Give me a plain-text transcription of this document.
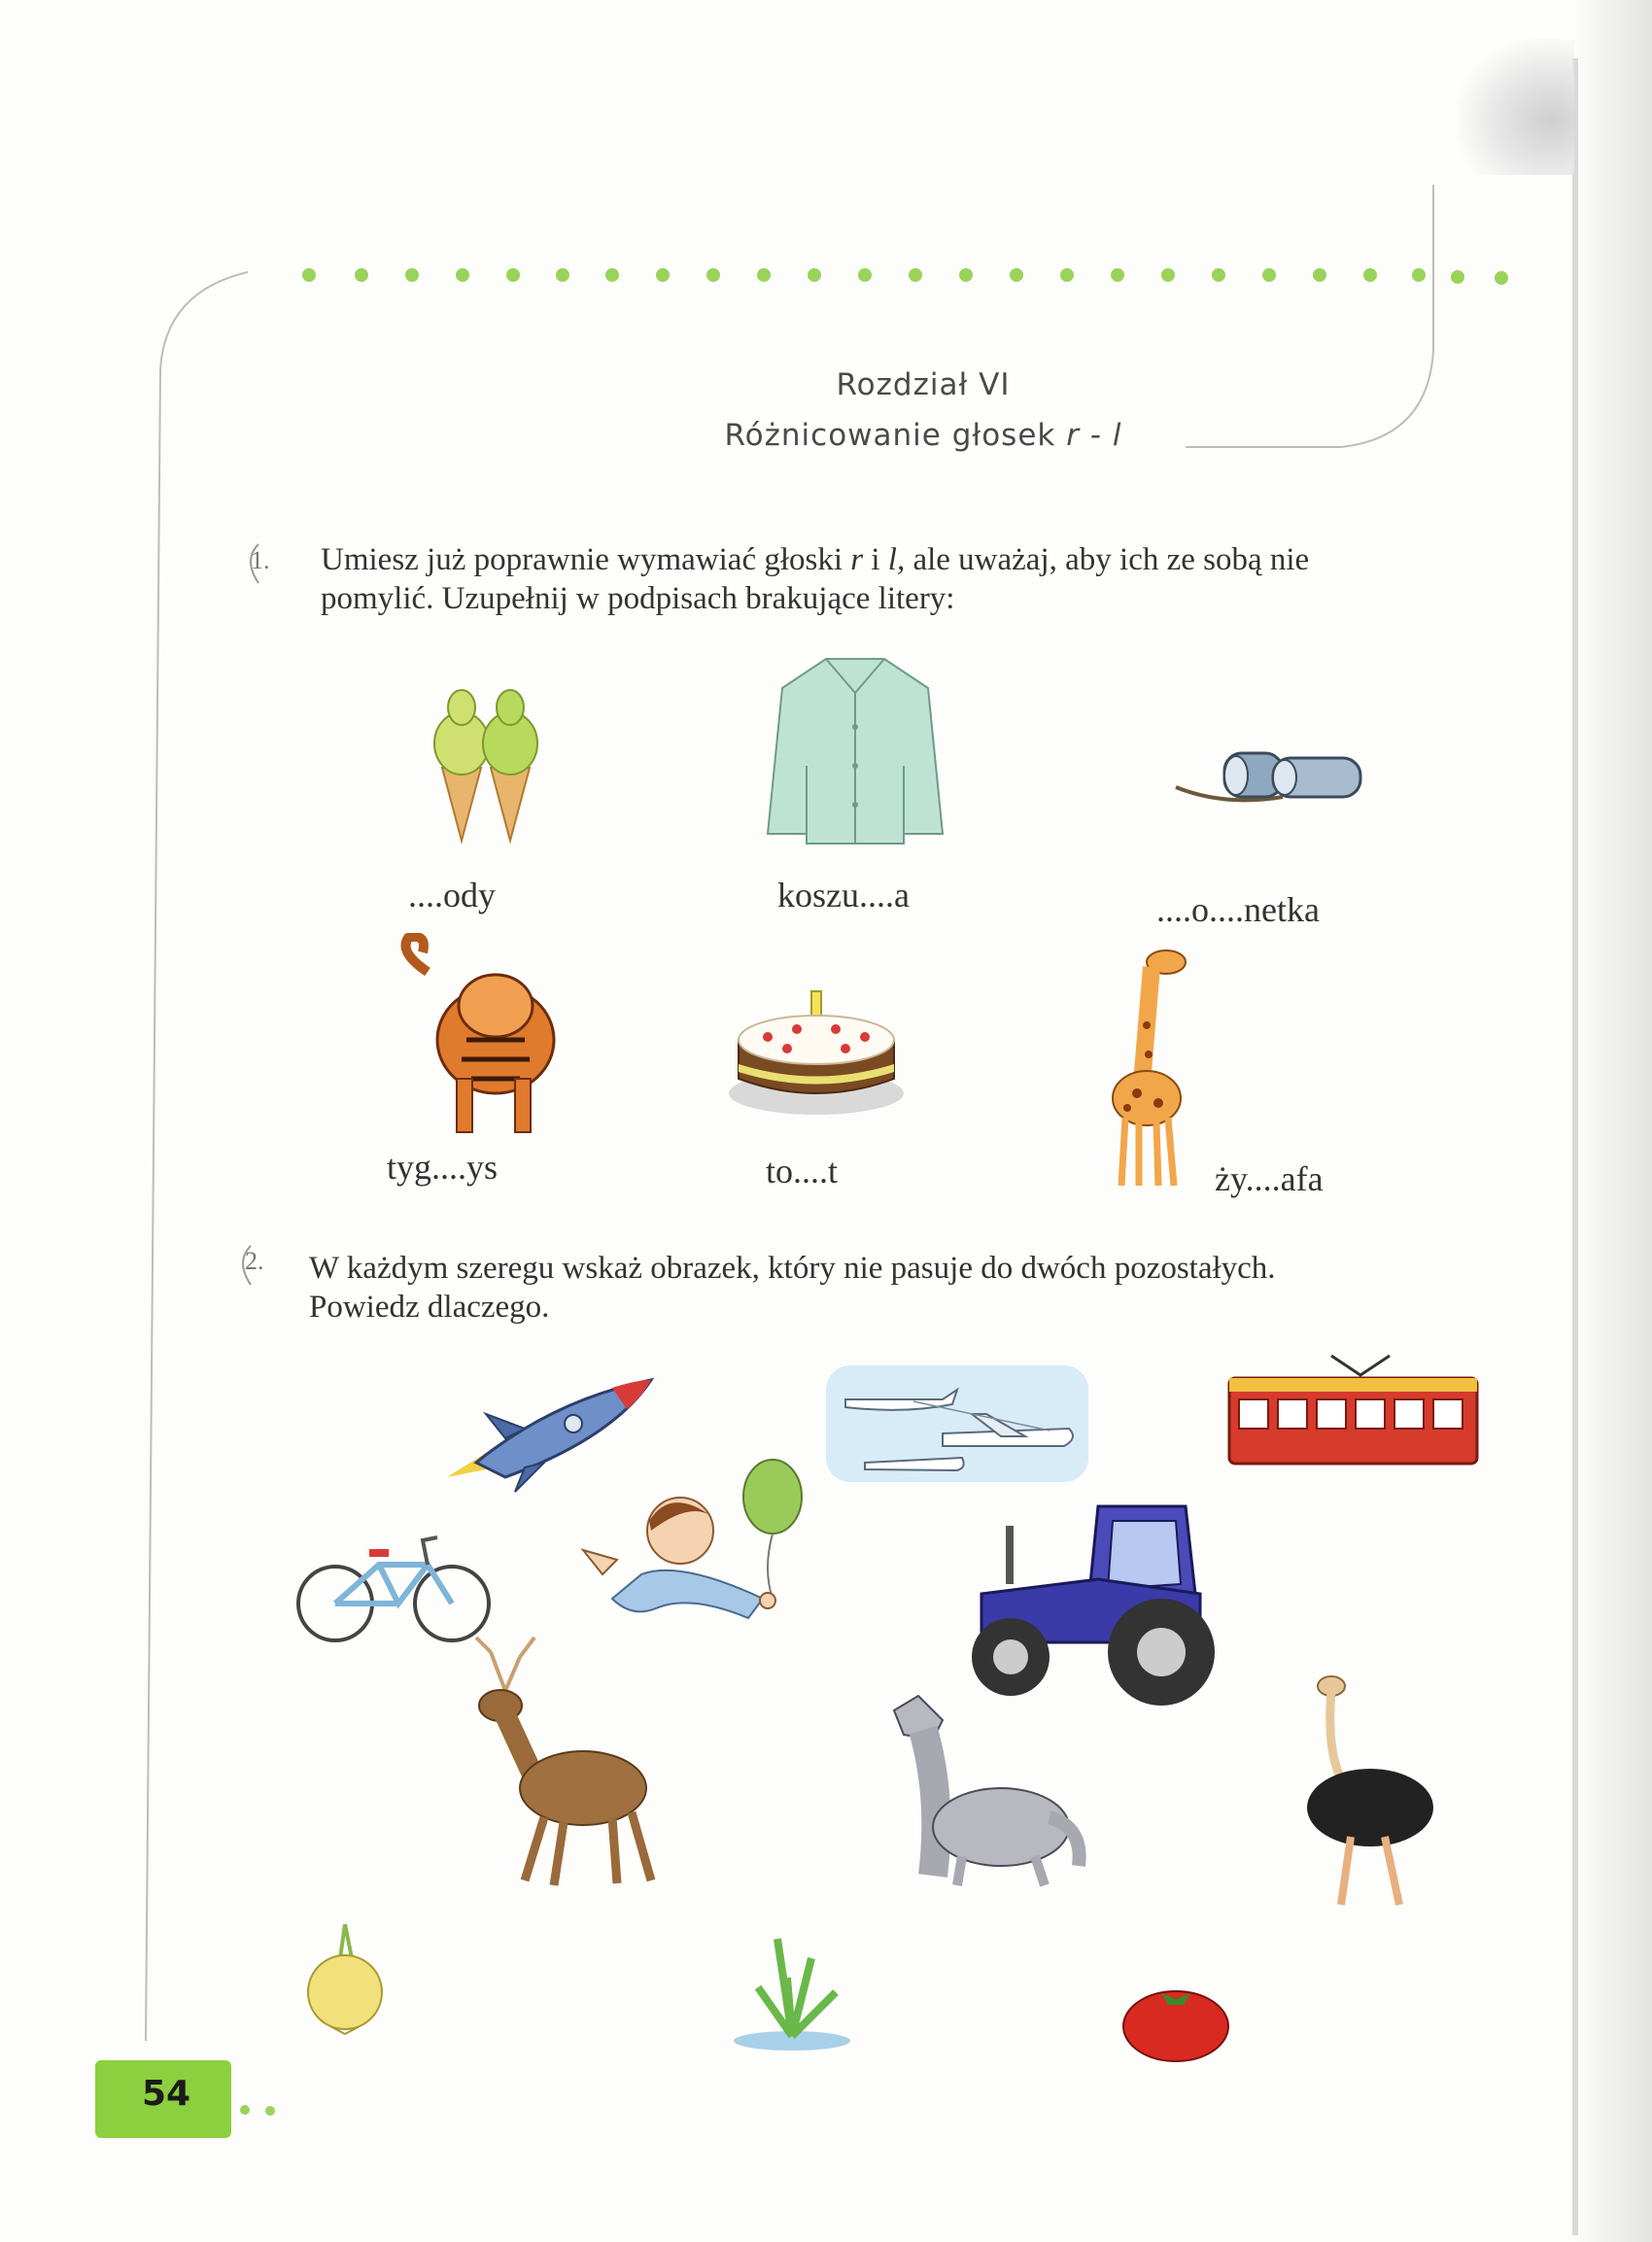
Rozdział VI
Różnicowanie głosek r - l
1. Umiesz już poprawnie wymawiać głoski r i l, ale uważaj, aby ich ze sobą nie
pomylić. Uzupełnij w podpisach brakujące litery:
....ody	koszu....a	....o....netka
tyg....ys	to....t	ży....afa
2. W każdym szeregu wskaż obrazek, który nie pasuje do dwóch pozostałych.
Powiedz dlaczego.
54
